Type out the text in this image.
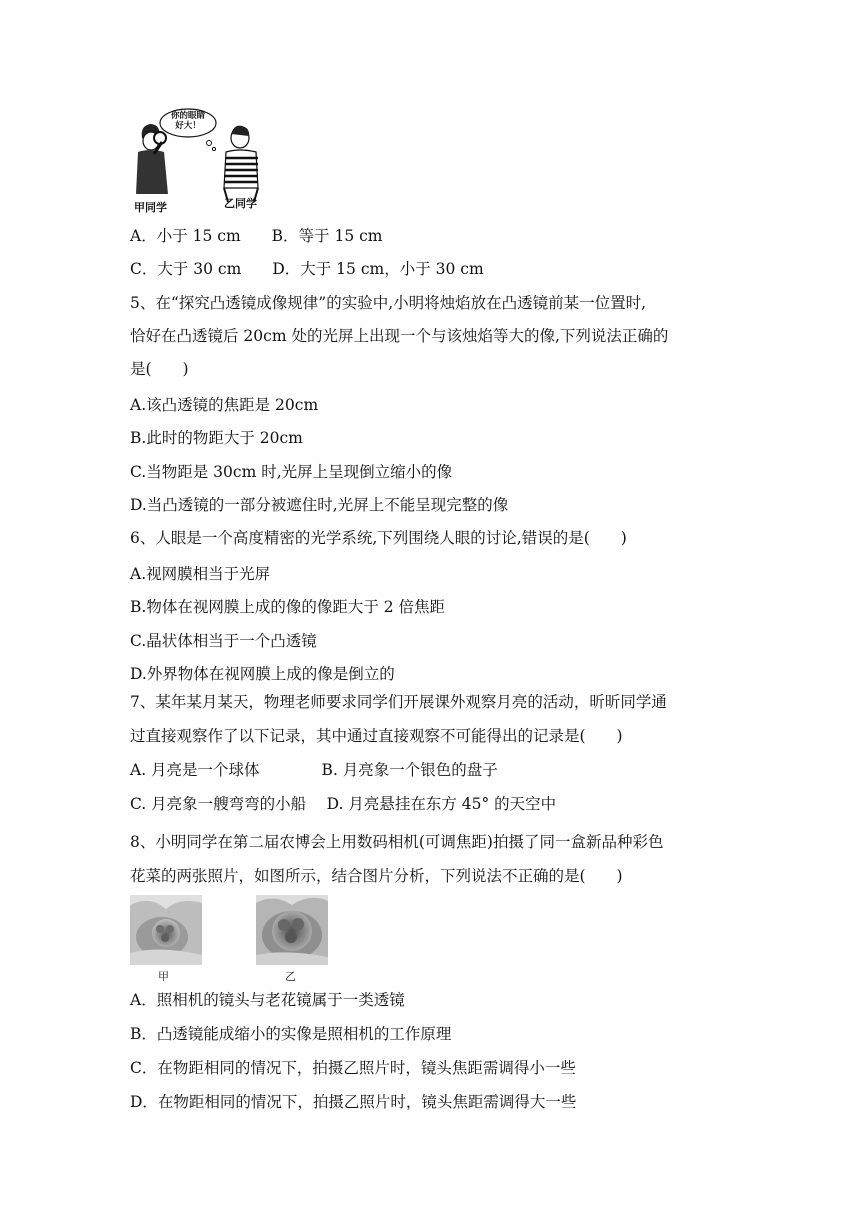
你的眼睛好大！
甲同学	乙同学
A．小于 15 cm　　B．等于 15 cm
C．大于 30 cm　　D．大于 15 cm，小于 30 cm
5、在“探究凸透镜成像规律”的实验中,小明将烛焰放在凸透镜前某一位置时,
恰好在凸透镜后 20cm 处的光屏上出现一个与该烛焰等大的像,下列说法正确的
是(　　)
A.该凸透镜的焦距是 20cm
B.此时的物距大于 20cm
C.当物距是 30cm 时,光屏上呈现倒立缩小的像
D.当凸透镜的一部分被遮住时,光屏上不能呈现完整的像
6、人眼是一个高度精密的光学系统,下列围绕人眼的讨论,错误的是(　　)
A.视网膜相当于光屏
B.物体在视网膜上成的像的像距大于 2 倍焦距
C.晶状体相当于一个凸透镜
D.外界物体在视网膜上成的像是倒立的
7、某年某月某天，物理老师要求同学们开展课外观察月亮的活动，昕昕同学通
过直接观察作了以下记录，其中通过直接观察不可能得出的记录是(　　)
A. 月亮是一个球体　　　　B. 月亮象一个银色的盘子
C. 月亮象一艘弯弯的小船　 D. 月亮悬挂在东方 45° 的天空中
8、小明同学在第二届农博会上用数码相机(可调焦距)拍摄了同一盒新品种彩色
花菜的两张照片，如图所示，结合图片分析，下列说法不正确的是(　　)
甲	乙
A．照相机的镜头与老花镜属于一类透镜
B．凸透镜能成缩小的实像是照相机的工作原理
C．在物距相同的情况下，拍摄乙照片时，镜头焦距需调得小一些
D．在物距相同的情况下，拍摄乙照片时，镜头焦距需调得大一些
